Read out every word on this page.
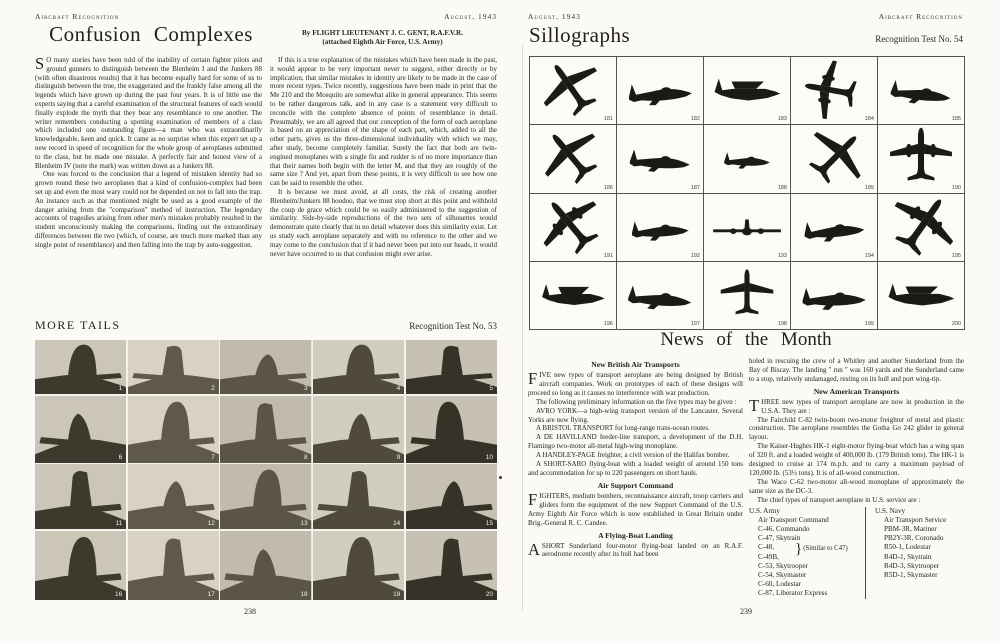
Aircraft Recognition	August, 1943
Confusion Complexes	By FLIGHT LIEUTENANT J. C. GENT, R.A.F.V.R.
(attached Eighth Air Force, U.S. Army)

S O many stories have been told of the inability of certain fighter pilots and ground gunners to distinguish between the Blenheim I and the Junkers 88 (with often disastrous results) that it has become equally hard for some of us to distinguish between the true, the exaggerated and the frankly false among all the legends which have grown up during the past four years. It is of little use the experts saying that a careful examination of the structural features of each would finally explode the myth that they bear any resemblance to one another. The writer remembers conducting a spotting examination of members of a class which included one outstanding figure—a man who was extraordinarily knowledgeable, keen and quick. It came as no surprise when this expert set up a new record in speed of recognition for the whole group of aeroplanes submitted to the class, but he made one mistake. A perfectly fair and honest view of a Blenheim IV (note the mark) was written down as a Junkers 88.

One was forced to the conclusion that a legend of mistaken identity had so grown round these two aeroplanes that a kind of confusion-complex had been set up and even the most wary could not be depended on not to fall into the trap. An instance such as that mentioned might be used as a good example of the danger arising from the "comparison" method of instruction. The legendary accounts of tragedies arising from other men's mistakes probably resulted in the student unconsciously making the comparisons, finding out the extraordinary differences between the two (which, of course, are much more marked than any single point of resemblance) and then falling into the trap by auto-suggestion.

If this is a true explanation of the mistakes which have been made in the past, it would appear to be very important never to suggest, either directly or by implication, that similar mistakes in identity are likely to be made in the case of more recent types. Twice recently, suggestions have been made in print that the Me 210 and the Mosquito are somewhat alike in general appearance. This seems to be rather dangerous talk, and in any case is a statement very difficult to reconcile with the complete absence of points of resemblance in detail. Presumably, we are all agreed that our conception of the form of each aeroplane is based on an appreciation of the shape of each part, which, added to all the other parts, gives us the three-dimensional individuality with which we may, after study, become completely familiar. Surely the fact that both are twin-engined monoplanes with a single fin and rudder is of no more importance than that their names both begin with the letter M, and that they are roughly of the same size ? And yet, apart from these points, it is very difficult to see how one can be said to resemble the other.

It is because we must avoid, at all costs, the risk of creating another Blenheim/Junkers 88 hoodoo, that we must stop short at this point and withhold the coup de grace which could be so easily administered to the suggestion of similarity. Side-by-side reproductions of the two sets of silhouettes would demonstrate quite clearly that in no detail whatever does this similarity exist. Let us study each aeroplane separately and with no reference to the other and we may come to the conclusion that if it had never been put into our heads, it would never have occurred to us that confusion might ever arise.

MORE TAILS	Recognition Test No. 53
1	2	3	4	5
6	7	8	9	10
11	12	13	14	15
16	17	18	19	20
238
August, 1943	Aircraft Recognition
Sillographs	Recognition Test No. 54
181	182	183	184	185
186	187	188	189	190
191	192	193	194	195
196	197	198	199	200
News of the Month
New British Air Transports

FIVE new types of transport aeroplane are being designed by British aircraft companies. Work on prototypes of each of these designs will proceed so long as it causes no interference with war production.

The following preliminary information on the five types may be given :

AVRO YORK—a high-wing transport version of the Lancaster. Several Yorks are now flying.

A BRISTOL TRANSPORT for long-range trans-ocean routes.

A DE HAVILLAND feeder-line transport, a development of the D.H. Flamingo two-motor all-metal high-wing monoplane.

A HANDLEY-PAGE freighter, a civil version of the Halifax bomber.

A SHORT-SARO flying-boat with a loaded weight of around 150 tons and accommodation for up to 220 passengers on short hauls.

Air Support Command

FIGHTERS, medium bombers, reconnaissance aircraft, troop carriers and gliders form the equipment of the new Support Command of the U.S. Army Eighth Air Force which is now established in Great Britain under Brig.-General R. C. Candee.

A Flying-Boat Landing

ASHORT Sunderland four-motor flying-boat landed on an R.A.F. aerodrome recently after its hull had been

holed in rescuing the crew of a Whitley and another Sunderland from the Bay of Biscay. The landing " run " was 160 yards and the Sunderland came to a stop, relatively undamaged, resting on its hull and port wing-tip.

New American Transports

THREE new types of transport aeroplane are now in production in the U.S.A. They are :

The Fairchild C-82 twin-boom two-motor freighter of metal and plastic construction. The aeroplane resembles the Gotha Go 242 glider in general layout.

The Kaiser-Hughes HK-1 eight-motor flying-boat which has a wing span of 320 ft. and a loaded weight of 400,000 lb. (179 British tons). The HK-1 is designed to cruise at 174 m.p.h. and to carry a maximum payload of 120,000 lb. (53½ tons). It is of all-wood construction.

The Waco C-62 two-motor all-wood monoplane of approximately the same size as the DC-3.

The chief types of transport aeroplane in U.S. service are :

U.S. Army
Air Transport Command
C-46, Commando
C-47, Skytrain
C-48,
C-49B,
C-53, Skytrooper
C-54, Skymaster
C-60, Lodestar
C-87, Liberator Express
} (Similar to C47)
U.S. Navy
Air Transport Service
PBM-3R, Mariner
PB2Y-3R, Coronado
R50-1, Lodestar
R4D-1, Skytrain
R4D-3, Skytrooper
R5D-1, Skymaster
239
